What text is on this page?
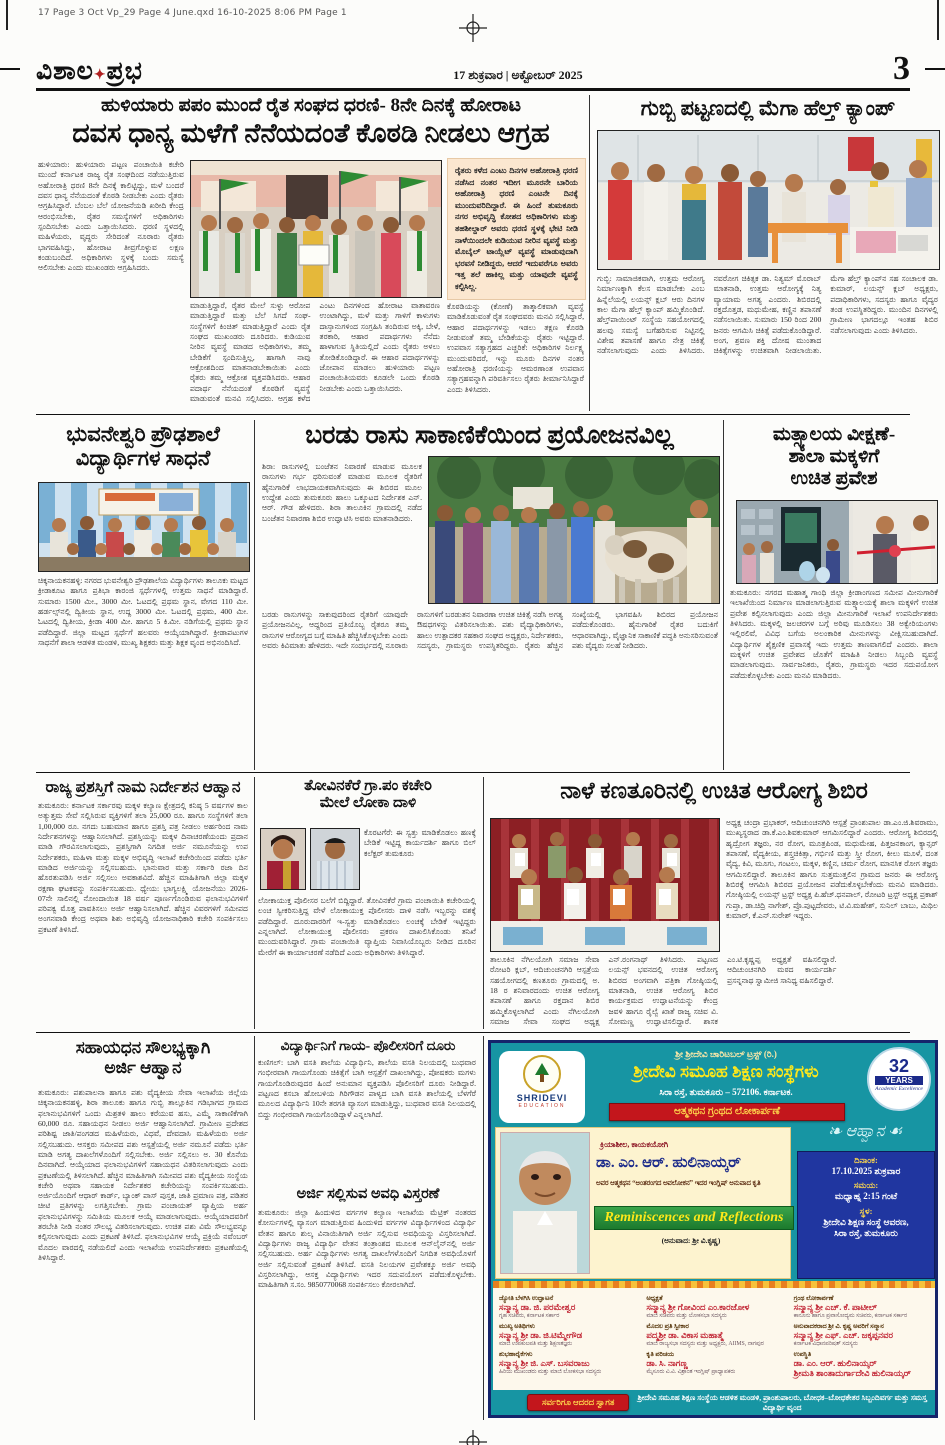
17 Page 3 Oct Vp_29 Page 4 June.qxd 16-10-2025 8:06 PM Page 1
ವಿಶಾಲ✦ಪ್ರಭ	17 ಶುಕ್ರವಾರ | ಅಕ್ಟೋಬರ್ 2025	3
ಹುಳಿಯಾರು ಪಪಂ ಮುಂದೆ ರೈತ ಸಂಘದ ಧರಣಿ- 8ನೇ ದಿನಕ್ಕೆ ಹೋರಾಟ
ದವಸ ಧಾನ್ಯ ಮಳೆಗೆ ನೆನೆಯದಂತೆ ಕೊಠಡಿ ನೀಡಲು ಆಗ್ರಹ
ಹುಳಿಯಾರು: ಹುಳಿಯಾರು ಪಟ್ಟಣ ಪಂಚಾಯಿತಿ ಕಚೇರಿ ಮುಂದೆ ಕರ್ನಾಟಕ ರಾಜ್ಯ ರೈತ ಸಂಘದಿಂದ ನಡೆಯುತ್ತಿರುವ ಅಹೋರಾತ್ರಿ ಧರಣಿ 8ನೇ ದಿನಕ್ಕೆ ಕಾಲಿಟ್ಟಿದ್ದು, ಮಳೆ ಬಂದರೆ ದವಸ ಧಾನ್ಯ ನೆನೆಯದಂತೆ ಕೊಠಡಿ ನೀಡಬೇಕು ಎಂದು ರೈತರು ಆಗ್ರಹಿಸಿದ್ದಾರೆ. ಬೆಂಬಲ ಬೆಲೆ ಯೋಜನೆಯಡಿ ಖರೀದಿ ಕೇಂದ್ರ ಆರಂಭಿಸಬೇಕು, ರೈತರ ಸಮಸ್ಯೆಗಳಿಗೆ ಅಧಿಕಾರಿಗಳು ಸ್ಪಂದಿಸಬೇಕು ಎಂದು ಒತ್ತಾಯಿಸಿದರು. ಧರಣಿ ಸ್ಥಳದಲ್ಲಿ ಮಹಿಳೆಯರು, ವೃದ್ಧರು ಸೇರಿದಂತೆ ನೂರಾರು ರೈತರು ಭಾಗವಹಿಸಿದ್ದು, ಹೋರಾಟ ತೀವ್ರಗೊಳ್ಳುವ ಲಕ್ಷಣ ಕಂಡುಬಂದಿದೆ. ಅಧಿಕಾರಿಗಳು ಸ್ಥಳಕ್ಕೆ ಬಂದು ಸಮಸ್ಯೆ ಆಲಿಸಬೇಕು ಎಂದು ಮುಖಂಡರು ಆಗ್ರಹಿಸಿದರು.
ಮಾಡುತ್ತಿದ್ದಾರೆ, ರೈತರ ಮೇಲೆ ಸುಳ್ಳು ಆರೋಪ ಮಾಡುತ್ತಿದ್ದಾರೆ ಮತ್ತು ಬೆಲೆ ಸಿಗದೆ ಸಂಘ- ಸಂಸ್ಥೆಗಳಿಗೆ ಕಿಂಚಿತ್ ಮಾಡುತ್ತಿದ್ದಾರೆ ಎಂದು ರೈತ ಸಂಘದ ಮುಖಂಡರು ದೂರಿದರು. ಕುಡಿಯುವ ನೀರಿನ ವ್ಯವಸ್ಥೆ ಮಾಡದ ಅಧಿಕಾರಿಗಳು, ತಮ್ಮ ಬೇಡಿಕೆಗೆ ಸ್ಪಂದಿಸುತ್ತಿಲ್ಲ, ಹಾಗಾಗಿ ನಾವು ಆಕ್ರೋಶದಿಂದ ಮಾತನಾಡಬೇಕಾಯಿತು ಎಂದು ರೈತರು ತಮ್ಮ ಆಕ್ರೋಶ ವ್ಯಕ್ತಪಡಿಸಿದರು. ಆಹಾರ ಪದಾರ್ಥ ನೆನೆಯದಂತೆ ಕೊಠಡಿಗೆ ವ್ಯವಸ್ಥೆ ಮಾಡುವಂತೆ ಮನವಿ ಸಲ್ಲಿಸಿದರು. ಆಗ್ರಹ ಕಳೆದ ಎಂಟು ದಿನಗಳಿಂದ ಹೋರಾಟ ವಾತಾವರಣ ಉಂಟಾಗಿದ್ದು, ಮಳೆ ಮತ್ತು ಗಾಳಿಗೆ ಕಾಳುಗಳು ದಾಸ್ತಾನುಗಳಿಂದ ಸಂಗ್ರಹಿಸಿ ತಂದಿರುವ ಅಕ್ಕಿ, ಬೇಳೆ, ತರಕಾರಿ, ಆಹಾರ ಪದಾರ್ಥಗಳು ನೆನೆದು ಹಾಳಾಗುವ ಸ್ಥಿತಿಯಲ್ಲಿದೆ ಎಂದು ರೈತರು ಅಳಲು ತೋಡಿಕೊಂಡಿದ್ದಾರೆ. ಈ ಆಹಾರ ಪದಾರ್ಥಗಳನ್ನು ಜೋಪಾನ ಮಾಡಲು ಹುಳಿಯಾರು ಪಟ್ಟಣ ಪಂಚಾಯಿತಿಯವರು ಕೂಡಲೇ ಒಂದು ಕೊಠಡಿ ನೀಡಬೇಕು ಎಂದು ಒತ್ತಾಯಿಸಿದರು.
ರೈತರು ಕಳೆದ ಎಂಟು ದಿನಗಳ ಅಹೋರಾತ್ರಿ ಧರಣಿ ನಡೆಸಿದ ನಂತರ ಇದೀಗ ಮೂರನೇ ಬಾರಿಯ ಅಹೋರಾತ್ರಿ ಧರಣಿ ಎಂಟನೇ ದಿನಕ್ಕೆ ಮುಂದುವರಿದಿದ್ದಾರೆ. ಈ ಹಿಂದೆ ತುಮಕೂರು ನಗರ ಅಭಿವೃದ್ಧಿ ಕೋಶದ ಅಧಿಕಾರಿಗಳು ಮತ್ತು ತಹಶೀಲ್ದಾರ್ ಅವರು ಧರಣಿ ಸ್ಥಳಕ್ಕೆ ಭೇಟಿ ನೀಡಿ ನಾಳೆಯಿಂದಲೇ ಕುಡಿಯುವ ನೀರಿನ ವ್ಯವಸ್ಥೆ ಮತ್ತು ಮೊಬೈಲ್ ಟಾಯ್ಲೆಟ್ ವ್ಯವಸ್ಥೆ ಮಾಡುವುದಾಗಿ ಭರವಸೆ ನೀಡಿದ್ದರು, ಆದರೆ ಇದುವರೆಗೂ ಅವರು ಇತ್ತ ತಲೆ ಹಾಕಿಲ್ಲ ಮತ್ತು ಯಾವುದೇ ವ್ಯವಸ್ಥೆ ಕಲ್ಪಿಸಿಲ್ಲ.
ಕೊಠಡಿಯನ್ನು (ಕೋಣೆ) ತಾತ್ಕಾಲಿಕವಾಗಿ ವ್ಯವಸ್ಥೆ ಮಾಡಿಕೊಡುವಂತೆ ರೈತ ಸಂಘದವರು ಮನವಿ ಸಲ್ಲಿಸಿದ್ದಾರೆ, ಆಹಾರ ಪದಾರ್ಥಗಳನ್ನು ಇಡಲು ತಕ್ಷಣ ಕೊಠಡಿ ನೀಡುವಂತೆ ತಮ್ಮ ಬೇಡಿಕೆಯನ್ನು ರೈತರು ಇಟ್ಟಿದ್ದಾರೆ. ಉಪವಾಸ ಸತ್ಯಾಗ್ರಹದ ಎಚ್ಚರಿಕೆ: ಅಧಿಕಾರಿಗಳ ನಿರ್ಲಕ್ಷ್ಯ ಮುಂದುವರಿದರೆ, ಇನ್ನು ಮೂರು ದಿನಗಳ ನಂತರ ಅಹೋರಾತ್ರಿ ಧರಣಿಯನ್ನು ಆಮರಣಾಂತ ಉಪವಾಸ ಸತ್ಯಾಗ್ರಹವನ್ನಾಗಿ ಪರಿವರ್ತಿಸಲು ರೈತರು ತೀರ್ಮಾನಿಸಿದ್ದಾರೆ ಎಂದು ತಿಳಿಸಿದರು.
ಗುಬ್ಬಿ ಪಟ್ಟಣದಲ್ಲಿ ಮೆಗಾ ಹೆಲ್ತ್ ಕ್ಯಾಂಪ್
ಗುಬ್ಬಿ: ಸಾಮಾಜಿಕವಾಗಿ, ಉತ್ತಮ ಆರೋಗ್ಯ ನಿರ್ಮಾಣಕ್ಕಾಗಿ ಕೆಲಸ ಮಾಡಬೇಕು ಎಂಬ ಹಿನ್ನೆಲೆಯಲ್ಲಿ ಲಯನ್ಸ್ ಕ್ಲಬ್ ಆರು ದಿನಗಳ ಕಾಲ ಮೆಗಾ ಹೆಲ್ತ್ ಕ್ಯಾಂಪ್ ಹಮ್ಮಿಕೊಂಡಿದೆ. ಹೆಲ್ತ್‌ಪಾಯಿಂಟ್ ಸಂಸ್ಥೆಯ ಸಹಯೋಗದಲ್ಲಿ ಹಲವು ಸಮಸ್ಯೆ ಬಗೆಹರಿಸುವ ನಿಟ್ಟಿನಲ್ಲಿ ವಿಶೇಷ ತಪಾಸಣೆ ಹಾಗೂ ನೇತ್ರ ಚಿಕಿತ್ಸೆ ನಡೆಸಲಾಗುವುದು ಎಂದು ತಿಳಿಸಿದರು. ನವರೋಗ ಚಿಕಿತ್ಸಕ ಡಾ. ನಿತ್ಯಮ್ ಮೊರಾಬ್ ಮಾತನಾಡಿ, ಉತ್ತಮ ಆರೋಗ್ಯಕ್ಕೆ ನಿತ್ಯ ವ್ಯಾಯಾಮ ಅಗತ್ಯ ಎಂದರು. ಶಿಬಿರದಲ್ಲಿ ರಕ್ತದೊತ್ತಡ, ಮಧುಮೇಹ, ಕಣ್ಣಿನ ತಪಾಸಣೆ ನಡೆಸಲಾಯಿತು. ಸುಮಾರು 150 ರಿಂದ 200 ಜನರು ಆಗಮಿಸಿ ಚಿಕಿತ್ಸೆ ಪಡೆದುಕೊಂಡಿದ್ದಾರೆ. ಅಂಗ, ಶ್ರವಣ ಶಕ್ತಿ ದೋಷ ಮುಂತಾದ ಚಿಕಿತ್ಸೆಗಳನ್ನು ಉಚಿತವಾಗಿ ನೀಡಲಾಯಿತು. ಮೆಗಾ ಹೆಲ್ತ್ ಕ್ಯಾಂಪ್‌ನ ಸಹ ಸಂಚಾಲಕ ಡಾ. ಕುಮಾರ್, ಲಯನ್ಸ್ ಕ್ಲಬ್ ಅಧ್ಯಕ್ಷರು, ಪದಾಧಿಕಾರಿಗಳು, ಸದಸ್ಯರು ಹಾಗೂ ವೈದ್ಯರ ತಂಡ ಉಪಸ್ಥಿತರಿದ್ದರು. ಮುಂದಿನ ದಿನಗಳಲ್ಲಿ ಗ್ರಾಮೀಣ ಭಾಗದಲ್ಲೂ ಇಂತಹ ಶಿಬಿರ ನಡೆಸಲಾಗುವುದು ಎಂದು ತಿಳಿಸಿದರು.
ಭುವನೇಶ್ವರಿ ಪ್ರೌಢಶಾಲೆ
ವಿದ್ಯಾರ್ಥಿಗಳ ಸಾಧನೆ
ಚಿಕ್ಕನಾಯಕನಹಳ್ಳಿ: ನಗರದ ಭುವನೇಶ್ವರಿ ಪ್ರೌಢಶಾಲೆಯ ವಿದ್ಯಾರ್ಥಿಗಳು ತಾಲೂಕು ಮಟ್ಟದ ಕ್ರೀಡಾಕೂಟ ಹಾಗೂ ಪ್ರತಿಭಾ ಕಾರಂಜಿ ಸ್ಪರ್ಧೆಗಳಲ್ಲಿ ಉತ್ತಮ ಸಾಧನೆ ಮಾಡಿದ್ದಾರೆ. ಸುಮಾರು 1500 ಮೀ., 3000 ಮೀ. ಓಟದಲ್ಲಿ ಪ್ರಥಮ ಸ್ಥಾನ, ವೇಗದ 110 ಮೀ. ಹರ್ಡಲ್ಸ್‌ನಲ್ಲಿ ದ್ವಿತೀಯ ಸ್ಥಾನ, ಉದ್ದ 3000 ಮೀ. ಓಟದಲ್ಲಿ ಪ್ರಥಮ, 400 ಮೀ. ಓಟದಲ್ಲಿ ದ್ವಿತೀಯ, ಕ್ರೀಡಾ 400 ಮೀ. ಹಾಗೂ 5 ಕಿ.ಮೀ. ನಡಿಗೆಯಲ್ಲಿ ಪ್ರಥಮ ಸ್ಥಾನ ಪಡೆದಿದ್ದಾರೆ. ಜಿಲ್ಲಾ ಮಟ್ಟದ ಸ್ಪರ್ಧೆಗೆ ಹಲವರು ಆಯ್ಕೆಯಾಗಿದ್ದಾರೆ. ಕ್ರೀಡಾಪಟುಗಳ ಸಾಧನೆಗೆ ಶಾಲಾ ಆಡಳಿತ ಮಂಡಳಿ, ಮುಖ್ಯ ಶಿಕ್ಷಕರು ಮತ್ತು ಶಿಕ್ಷಕ ವೃಂದ ಅಭಿನಂದಿಸಿದೆ.
ಬರಡು ರಾಸು ಸಾಕಾಣಿಕೆಯಿಂದ ಪ್ರಯೋಜನವಿಲ್ಲ
ಶಿರಾ: ರಾಸುಗಳಲ್ಲಿ ಬಂಜೆತನ ನಿವಾರಣೆ ಮಾಡುವ ಮೂಲಕ ರಾಸುಗಳು ಗರ್ಭ ಧರಿಸುವಂತೆ ಮಾಡುವ ಮೂಲಕ ರೈತರಿಗೆ ಹೈನುಗಾರಿಕೆ ಲಾಭದಾಯಕವಾಗಿಸುವುದು ಈ ಶಿಬಿರದ ಮೂಲ ಉದ್ದೇಶ ಎಂದು ತುಮಕೂರು ಹಾಲು ಒಕ್ಕೂಟದ ನಿರ್ದೇಶಕ ಎನ್. ಆರ್. ಗೌಡ ಹೇಳಿದರು. ಶಿರಾ ತಾಲೂಕಿನ ಗ್ರಾಮದಲ್ಲಿ ನಡೆದ ಬಂಜೆತನ ನಿವಾರಣಾ ಶಿಬಿರ ಉದ್ಘಾಟಿಸಿ ಅವರು ಮಾತನಾಡಿದರು.
ಬರಡು ರಾಸುಗಳನ್ನು ಸಾಕುವುದರಿಂದ ರೈತರಿಗೆ ಯಾವುದೇ ಪ್ರಯೋಜನವಿಲ್ಲ, ಆದ್ದರಿಂದ ಪ್ರತಿಯೊಬ್ಬ ರೈತರೂ ತಮ್ಮ ರಾಸುಗಳ ಆರೋಗ್ಯದ ಬಗ್ಗೆ ಮಾಹಿತಿ ಹೆಚ್ಚಿಸಿಕೊಳ್ಳಬೇಕು ಎಂದು ಅವರು ಕಿವಿಮಾತು ಹೇಳಿದರು. ಇದೇ ಸಂದರ್ಭದಲ್ಲಿ ನೂರಾರು ರಾಸುಗಳಿಗೆ ಬರಡುತನ ನಿವಾರಣಾ ಉಚಿತ ಚಿಕಿತ್ಸೆ ನಡೆಸಿ ಅಗತ್ಯ ಔಷಧಗಳನ್ನು ವಿತರಿಸಲಾಯಿತು. ಪಶು ವೈದ್ಯಾಧಿಕಾರಿಗಳು, ಹಾಲು ಉತ್ಪಾದಕರ ಸಹಕಾರ ಸಂಘದ ಅಧ್ಯಕ್ಷರು, ನಿರ್ದೇಶಕರು, ಸದಸ್ಯರು, ಗ್ರಾಮಸ್ಥರು ಉಪಸ್ಥಿತರಿದ್ದರು. ರೈತರು ಹೆಚ್ಚಿನ ಸಂಖ್ಯೆಯಲ್ಲಿ ಭಾಗವಹಿಸಿ ಶಿಬಿರದ ಪ್ರಯೋಜನ ಪಡೆದುಕೊಂಡರು. ಹೈನುಗಾರಿಕೆ ರೈತರ ಬದುಕಿಗೆ ಆಧಾರವಾಗಿದ್ದು, ವೈಜ್ಞಾನಿಕ ಸಾಕಾಣಿಕೆ ಪದ್ಧತಿ ಅನುಸರಿಸುವಂತೆ ಪಶು ವೈದ್ಯರು ಸಲಹೆ ನೀಡಿದರು.
ಮತ್ಸ್ಯಾಲಯ ವೀಕ್ಷಣೆ-
ಶಾಲಾ ಮಕ್ಕಳಿಗೆ
ಉಚಿತ ಪ್ರವೇಶ
ತುಮಕೂರು: ನಗರದ ಮಹಾತ್ಮ ಗಾಂಧಿ ಜಿಲ್ಲಾ ಕ್ರೀಡಾಂಗಣದ ಸಮೀಪ ಮೀನುಗಾರಿಕೆ ಇಲಾಖೆಯಿಂದ ನಿರ್ಮಾಣ ಮಾಡಲಾಗುತ್ತಿರುವ ಮತ್ಸ್ಯಾಲಯಕ್ಕೆ ಶಾಲಾ ಮಕ್ಕಳಿಗೆ ಉಚಿತ ಪ್ರವೇಶ ಕಲ್ಪಿಸಲಾಗುವುದು ಎಂದು ಜಿಲ್ಲಾ ಮೀನುಗಾರಿಕೆ ಇಲಾಖೆ ಉಪನಿರ್ದೇಶಕರು ತಿಳಿಸಿದರು. ಮಕ್ಕಳಲ್ಲಿ ಜಲಚರಗಳ ಬಗ್ಗೆ ಅರಿವು ಮೂಡಿಸಲು 38 ಅಕ್ವೇರಿಯಂಗಳು ಇಲ್ಲಿರಲಿವೆ, ವಿವಿಧ ಬಗೆಯ ಅಲಂಕಾರಿಕ ಮೀನುಗಳನ್ನು ವೀಕ್ಷಿಸಬಹುದಾಗಿದೆ. ವಿದ್ಯಾರ್ಥಿಗಳ ಶೈಕ್ಷಣಿಕ ಪ್ರವಾಸಕ್ಕೆ ಇದು ಉತ್ತಮ ತಾಣವಾಗಲಿದೆ ಎಂದರು. ಶಾಲಾ ಮಕ್ಕಳಿಗೆ ಉಚಿತ ಪ್ರವೇಶದ ಜೊತೆಗೆ ಮಾಹಿತಿ ನೀಡಲು ಸಿಬ್ಬಂದಿ ವ್ಯವಸ್ಥೆ ಮಾಡಲಾಗುವುದು. ಸಾರ್ವಜನಿಕರು, ರೈತರು, ಗ್ರಾಮಸ್ಥರು ಇದರ ಸದುಪಯೋಗ ಪಡೆದುಕೊಳ್ಳಬೇಕು ಎಂದು ಮನವಿ ಮಾಡಿದರು.
ರಾಜ್ಯ ಪ್ರಶಸ್ತಿಗೆ ನಾಮ ನಿರ್ದೇಶನ ಆಹ್ವಾನ
ತುಮಕೂರು: ಕರ್ನಾಟಕ ಸರ್ಕಾರವು ಮಕ್ಕಳ ಕಲ್ಯಾಣ ಕ್ಷೇತ್ರದಲ್ಲಿ ಕನಿಷ್ಠ 5 ವರ್ಷಗಳ ಕಾಲ ಅತ್ಯುತ್ತಮ ಸೇವೆ ಸಲ್ಲಿಸಿರುವ ವ್ಯಕ್ತಿಗಳಿಗೆ ತಲಾ 25,000 ರೂ. ಹಾಗೂ ಸಂಸ್ಥೆಗಳಿಗೆ ತಲಾ 1,00,000 ರೂ. ನಗದು ಬಹುಮಾನ ಹಾಗೂ ಪ್ರಶಸ್ತಿ ಪತ್ರ ನೀಡಲು ಅರ್ಹರಿಂದ ನಾಮ ನಿರ್ದೇಶನಗಳನ್ನು ಆಹ್ವಾನಿಸಲಾಗಿದೆ. ಪ್ರಶಸ್ತಿಯನ್ನು ಮಕ್ಕಳ ದಿನಾಚರಣೆಯಂದು ಪ್ರದಾನ ಮಾಡಿ ಗೌರವಿಸಲಾಗುವುದು, ಪ್ರಶಸ್ತಿಗಾಗಿ ನಿಗದಿತ ಅರ್ಜಿ ನಮೂನೆಯನ್ನು ಉಪ ನಿರ್ದೇಶಕರು, ಮಹಿಳಾ ಮತ್ತು ಮಕ್ಕಳ ಅಭಿವೃದ್ಧಿ ಇಲಾಖೆ ಕಚೇರಿಯಿಂದ ಪಡೆದು ಭರ್ತಿ ಮಾಡಿದ ಅರ್ಜಿಯನ್ನು ಸಲ್ಲಿಸಬಹುದು. ಭಾನುವಾರ ಮತ್ತು ಸರ್ಕಾರಿ ರಜಾ ದಿನ ಹೊರತುಪಡಿಸಿ ಅರ್ಜಿ ಸಲ್ಲಿಸಲು ಅವಕಾಶವಿದೆ. ಹೆಚ್ಚಿನ ಮಾಹಿತಿಗಾಗಿ ಜಿಲ್ಲಾ ಮಕ್ಕಳ ರಕ್ಷಣಾ ಘಟಕವನ್ನು ಸಂಪರ್ಕಿಸಬಹುದು. ಧ್ಯೇಯ: ಭಾಗ್ಯಲಕ್ಷ್ಮಿ ಯೋಜನೆಯು 2026-07ನೇ ಸಾಲಿನಲ್ಲಿ ನೋಂದಾಯಿತ 18 ವರ್ಷ ಪೂರ್ಣಗೊಂಡಿರುವ ಫಲಾನುಭವಿಗಳಿಗೆ ಪರಿಪಕ್ವ ಮೊತ್ತ ಪಾವತಿಸಲು ಅರ್ಜಿ ಆಹ್ವಾನಿಸಲಾಗಿದೆ. ಹೆಚ್ಚಿನ ವಿವರಗಳಿಗೆ ಸಮೀಪದ ಅಂಗನವಾಡಿ ಕೇಂದ್ರ ಅಥವಾ ಶಿಶು ಅಭಿವೃದ್ಧಿ ಯೋಜನಾಧಿಕಾರಿ ಕಚೇರಿ ಸಂಪರ್ಕಿಸಲು ಪ್ರಕಟಣೆ ತಿಳಿಸಿದೆ.
ತೋವಿನಕೆರೆ ಗ್ರಾ.ಪಂ ಕಚೇರಿ
ಮೇಲೆ ಲೋಕಾ ದಾಳಿ
ಕೊರಟಗೆರೆ: ಈ ಸ್ವತ್ತು ಮಾಡಿಕೊಡಲು ಹಣಕ್ಕೆ ಬೇಡಿಕೆ ಇಟ್ಟಿದ್ದ ಕಾರ್ಯದರ್ಶಿ ಹಾಗೂ ಬಿಲ್ ಕಲೆಕ್ಟರ್ ತುಮಕೂರು
ಲೋಕಾಯುಕ್ತ ಪೊಲೀಸರ ಬಲೆಗೆ ಬಿದ್ದಿದ್ದಾರೆ. ತೋವಿನಕೆರೆ ಗ್ರಾಮ ಪಂಚಾಯಿತಿ ಕಚೇರಿಯಲ್ಲಿ ಲಂಚ ಸ್ವೀಕರಿಸುತ್ತಿದ್ದ ವೇಳೆ ಲೋಕಾಯುಕ್ತ ಪೊಲೀಸರು ದಾಳಿ ನಡೆಸಿ ಇಬ್ಬರನ್ನು ವಶಕ್ಕೆ ಪಡೆದಿದ್ದಾರೆ. ದೂರುದಾರರಿಗೆ ಇ-ಸ್ವತ್ತು ಮಾಡಿಕೊಡಲು ಲಂಚಕ್ಕೆ ಬೇಡಿಕೆ ಇಟ್ಟಿದ್ದರು ಎನ್ನಲಾಗಿದೆ. ಲೋಕಾಯುಕ್ತ ಪೊಲೀಸರು ಪ್ರಕರಣ ದಾಖಲಿಸಿಕೊಂಡು ತನಿಖೆ ಮುಂದುವರಿಸಿದ್ದಾರೆ. ಗ್ರಾಮ ಪಂಚಾಯಿತಿ ವ್ಯಾಪ್ತಿಯ ನಿವಾಸಿಯೊಬ್ಬರು ನೀಡಿದ ದೂರಿನ ಮೇರೆಗೆ ಈ ಕಾರ್ಯಾಚರಣೆ ನಡೆದಿದೆ ಎಂದು ಅಧಿಕಾರಿಗಳು ತಿಳಿಸಿದ್ದಾರೆ.
ನಾಳೆ ಕಣತೂರಿನಲ್ಲಿ ಉಚಿತ ಆರೋಗ್ಯ ಶಿಬಿರ
ತಾಲೂಕಿನ ನೆಗಿಲಯೋಗಿ ಸಮಾಜ ಸೇವಾ ರೋಟರಿ ಕ್ಲಬ್, ಆದಿಚುಂಚನಗಿರಿ ಆಸ್ಪತ್ರೆಯ ಸಹಯೋಗದಲ್ಲಿ ಕಣತೂರು ಗ್ರಾಮದಲ್ಲಿ ಅ. 18 ರ ಶನಿವಾರದಂದು ಉಚಿತ ಆರೋಗ್ಯ ತಪಾಸಣೆ ಹಾಗೂ ರಕ್ತದಾನ ಶಿಬಿರ ಹಮ್ಮಿಕೊಳ್ಳಲಾಗಿದೆ ಎಂದು ನೆಗಿಲಯೋಗಿ ಸಮಾಜ ಸೇವಾ ಸಂಘದ ಅಧ್ಯಕ್ಷ ಎನ್.ರಂಗನಾಥ್ ತಿಳಿಸಿದರು. ಪಟ್ಟಣದ ಲಯನ್ಸ್ ಭವನದಲ್ಲಿ ಉಚಿತ ಆರೋಗ್ಯ ಶಿಬಿರದ ಅಂಗವಾಗಿ ಪತ್ರಿಕಾ ಗೋಷ್ಠಿಯಲ್ಲಿ ಮಾತನಾಡಿ, ಉಚಿತ ಆರೋಗ್ಯ ಶಿಬಿರ ಕಾರ್ಯಕ್ರಮದ ಉದ್ಘಾಟನೆಯನ್ನು ಕೇಂದ್ರ ಜವಳಿ ಹಾಗೂ ರೈಲ್ವೆ ಖಾತೆ ರಾಜ್ಯ ಸಚಿವ ವಿ. ಸೋಮಣ್ಣ ಉದ್ಘಾಟಿಸಲಿದ್ದಾರೆ. ಶಾಸಕ ಎಂ.ಟಿ.ಕೃಷ್ಣಪ್ಪ ಅಧ್ಯಕ್ಷತೆ ವಹಿಸಲಿದ್ದಾರೆ. ಆದಿಚುಂಚನಗಿರಿ ಮಠದ ಕಾರ್ಯದರ್ಶಿ ಪ್ರಸನ್ನನಾಥ ಸ್ವಾಮೀಜಿ ಸಾನಿಧ್ಯ ವಹಿಸಲಿದ್ದಾರೆ.
ಅಧ್ಯಕ್ಷ ಚಂದ್ರಾ ಪ್ರಭಾಕರ್, ಆದಿಚುಂಚನಗಿರಿ ಆಸ್ಪತ್ರೆ ಪ್ರಾಂಶುಪಾಲ ಡಾ.ಎಂ.ಜಿ.ಶಿವರಾಮು, ಮುಖ್ಯಸ್ಥರಾದ ಡಾ.ಕೆ.ಎಂ.ಶಿವಕುಮಾರ್ ಆಗಮಿಸಲಿದ್ದಾರೆ ಎಂದರು. ಆರೋಗ್ಯ ಶಿಬಿರದಲ್ಲಿ ಹೃದ್ರೋಗ ತಜ್ಞರು, ನರ ರೋಗ, ಮೂತ್ರಪಿಂಡ, ಮಧುಮೇಹ, ಪಿತ್ತಜನಕಾಂಗ, ಕ್ಯಾನ್ಸರ್ ತಪಾಸಣೆ, ವೈದ್ಯಕೀಯ, ಶಸ್ತ್ರಚಿಕಿತ್ಸಾ, ಗರ್ಭಿಣಿ ಮತ್ತು ಸ್ತ್ರೀ ರೋಗ, ಕೀಲು ಮೂಳೆ, ದಂತ ವೈದ್ಯ, ಕಿವಿ, ಮೂಗು, ಗಂಟಲು, ಮಕ್ಕಳ, ಕಣ್ಣಿನ, ಚರ್ಮ ರೋಗ, ಮಾನಸಿಕ ರೋಗ ತಜ್ಞರು ಆಗಮಿಸಲಿದ್ದಾರೆ. ತಾಲೂಕಿನ ಹಾಗೂ ಸುತ್ತಮುತ್ತಲಿನ ಗ್ರಾಮದ ಜನರು ಈ ಆರೋಗ್ಯ ಶಿಬಿರಕ್ಕೆ ಆಗಮಿಸಿ ಶಿಬಿರದ ಪ್ರಯೋಜನ ಪಡೆದುಕೊಳ್ಳಬೇಕೆಂದು ಮನವಿ ಮಾಡಿದರು. ಗೋಷ್ಠಿಯಲ್ಲಿ ಲಯನ್ಸ್ ಟ್ರಸ್ಟ್ ಅಧ್ಯಕ್ಷ ಪಿ.ಹೆಚ್.ಧನಪಾಲ್, ರೋಟರಿ ಟ್ರಸ್ಟ್ ಅಧ್ಯಕ್ಷ ಪ್ರಕಾಶ್ ಗುಪ್ತಾ, ಡಾ.ಚಿದ್ರಿ ನಾಗೇಶ್, ಪ್ರೊ.ಪುಟ್ಟದೇವರು, ಟಿ.ವಿ.ಮಹೇಶ್, ಸುನಿಲ್ ಬಾಬು, ಮಿಥಿಲ ಕುಮಾರ್, ಕೆ.ಎನ್.ಸುರೇಶ್ ಇದ್ದರು.
ಸಹಾಯಧನ ಸೌಲಭ್ಯಕ್ಕಾಗಿ
ಅರ್ಜಿ ಆಹ್ವಾನ
ತುಮಕೂರು: ಪಶುಪಾಲನಾ ಹಾಗೂ ಪಶು ವೈದ್ಯಕೀಯ ಸೇವಾ ಇಲಾಖೆಯ ಜಿಲ್ಲೆಯ ಚಿಕ್ಕನಾಯಕನಹಳ್ಳಿ, ಶಿರಾ ತಾಲೂಕು ಹಾಗೂ ಗುಬ್ಬಿ ತಾಲ್ಲೂಕಿನ ಗಡಿಭಾಗದ ಗ್ರಾಮದ ಫಲಾನುಭವಿಗಳಿಗೆ ಒಂದು ಮಿಶ್ರತಳಿ ಹಾಲು ಕರೆಯುವ ಹಸು, ಎಮ್ಮೆ ಸಾಕಾಣಿಕೆಗಾಗಿ 60,000 ರೂ. ಸಹಾಯಧನ ನೀಡಲು ಅರ್ಜಿ ಆಹ್ವಾನಿಸಲಾಗಿದೆ. ಗ್ರಾಮೀಣ ಪ್ರದೇಶದ ಪರಿಶಿಷ್ಟ ಜಾತಿ/ಪಂಗಡದ ಮಹಿಳೆಯರು, ವಿಧವೆ, ದೇವದಾಸಿ ಮಹಿಳೆಯರು ಅರ್ಜಿ ಸಲ್ಲಿಸಬಹುದು. ಆಸಕ್ತರು ಸಮೀಪದ ಪಶು ಆಸ್ಪತ್ರೆಯಲ್ಲಿ ಅರ್ಜಿ ನಮೂನೆ ಪಡೆದು ಭರ್ತಿ ಮಾಡಿ ಅಗತ್ಯ ದಾಖಲೆಗಳೊಂದಿಗೆ ಸಲ್ಲಿಸಬೇಕು. ಅರ್ಜಿ ಸಲ್ಲಿಸಲು ಅ. 30 ಕೊನೆಯ ದಿನವಾಗಿದೆ. ಆಯ್ಕೆಯಾದ ಫಲಾನುಭವಿಗಳಿಗೆ ಸಹಾಯಧನ ವಿತರಿಸಲಾಗುವುದು ಎಂದು ಪ್ರಕಟಣೆಯಲ್ಲಿ ತಿಳಿಸಲಾಗಿದೆ. ಹೆಚ್ಚಿನ ಮಾಹಿತಿಗಾಗಿ ಸಮೀಪದ ಪಶು ವೈದ್ಯಕೀಯ ಸಂಸ್ಥೆಯ ಕಚೇರಿ ಅಥವಾ ಸಹಾಯಕ ನಿರ್ದೇಶಕರ ಕಚೇರಿಯನ್ನು ಸಂಪರ್ಕಿಸಬಹುದು. ಅರ್ಜಿಯೊಂದಿಗೆ ಆಧಾರ್ ಕಾರ್ಡ್, ಬ್ಯಾಂಕ್ ಪಾಸ್ ಪುಸ್ತಕ, ಜಾತಿ ಪ್ರಮಾಣ ಪತ್ರ, ಪಡಿತರ ಚೀಟಿ ಪ್ರತಿಗಳನ್ನು ಲಗತ್ತಿಸಬೇಕು. ಗ್ರಾಮ ಪಂಚಾಯತ್ ವ್ಯಾಪ್ತಿಯ ಅರ್ಹ ಫಲಾನುಭವಿಗಳನ್ನು ಸಮಿತಿಯ ಮೂಲಕ ಆಯ್ಕೆ ಮಾಡಲಾಗುವುದು. ಆಯ್ಕೆಯಾದವರಿಗೆ ತರಬೇತಿ ನೀಡಿ ನಂತರ ಸೌಲಭ್ಯ ವಿತರಿಸಲಾಗುವುದು. ಉಚಿತ ಪಶು ವಿಮೆ ಸೌಲಭ್ಯವನ್ನೂ ಕಲ್ಪಿಸಲಾಗುವುದು ಎಂದು ಪ್ರಕಟಣೆ ತಿಳಿಸಿದೆ. ಫಲಾನುಭವಿಗಳ ಆಯ್ಕೆ ಪ್ರಕ್ರಿಯೆ ನವೆಂಬರ್ ಮೊದಲ ವಾರದಲ್ಲಿ ನಡೆಯಲಿದೆ ಎಂದು ಇಲಾಖೆಯ ಉಪನಿರ್ದೇಶಕರು ಪ್ರಕಟಣೆಯಲ್ಲಿ ತಿಳಿಸಿದ್ದಾರೆ.
ವಿದ್ಯಾರ್ಥಿನಿಗೆ ಗಾಯ- ಪೊಲೀಸರಿಗೆ ದೂರು
ಕುಣಿಗಲ್: ಬಾಗಿ ವಸತಿ ಶಾಲೆಯ ವಿದ್ಯಾರ್ಥಿನಿ, ಶಾಲೆಯ ವಸತಿ ನಿಲಯದಲ್ಲಿ ಬುಧವಾರ ಗಂಭೀರವಾಗಿ ಗಾಯಗೊಂಡು ಚಿಕಿತ್ಸೆಗೆ ಬಾಗಿ ಆಸ್ಪತ್ರೆಗೆ ದಾಖಲಾಗಿದ್ದು, ಪೋಷಕರು ಮಗಳು ಗಾಯಗೊಂಡಿರುವುದರ ಹಿಂದೆ ಅನುಮಾನ ವ್ಯಕ್ತಪಡಿಸಿ ಪೊಲೀಸರಿಗೆ ದೂರು ನೀಡಿದ್ದಾರೆ. ಪಟ್ಟಣದ ಕಸಬಾ ಹೋಬಳಿಯ ಗಿರಿಗೌಡನ ಪಾಳ್ಯದ ಬಾಗಿ ವಸತಿ ಶಾಲೆಯಲ್ಲಿ ಬೆಳಗೆರೆ ಮೂಲದ ವಿದ್ಯಾರ್ಥಿನಿ 10ನೇ ತರಗತಿ ವ್ಯಾಸಂಗ ಮಾಡುತ್ತಿದ್ದು, ಬುಧವಾರ ವಸತಿ ನಿಲಯದಲ್ಲಿ ಬಿದ್ದು ಗಂಭೀರವಾಗಿ ಗಾಯಗೊಂಡಿದ್ದಾಳೆ ಎನ್ನಲಾಗಿದೆ.
ಅರ್ಜಿ ಸಲ್ಲಿಸುವ ಅವಧಿ ವಿಸ್ತರಣೆ
ತುಮಕೂರು: ಜಿಲ್ಲಾ ಹಿಂದುಳಿದ ವರ್ಗಗಳ ಕಲ್ಯಾಣ ಇಲಾಖೆಯ ಮೆಟ್ರಿಕ್ ನಂತರದ ಕೋರ್ಸುಗಳಲ್ಲಿ ವ್ಯಾಸಂಗ ಮಾಡುತ್ತಿರುವ ಹಿಂದುಳಿದ ವರ್ಗಗಳ ವಿದ್ಯಾರ್ಥಿಗಳಿಂದ ವಿದ್ಯಾರ್ಥಿ ವೇತನ ಹಾಗೂ ಶುಲ್ಕ ವಿನಾಯಿತಿಗಾಗಿ ಅರ್ಜಿ ಸಲ್ಲಿಸುವ ಅವಧಿಯನ್ನು ವಿಸ್ತರಿಸಲಾಗಿದೆ. ವಿದ್ಯಾರ್ಥಿಗಳು ರಾಜ್ಯ ವಿದ್ಯಾರ್ಥಿ ವೇತನ ತಂತ್ರಾಂಶದ ಮೂಲಕ ಆನ್‌ಲೈನ್‌ನಲ್ಲಿ ಅರ್ಜಿ ಸಲ್ಲಿಸಬಹುದು. ಅರ್ಹ ವಿದ್ಯಾರ್ಥಿಗಳು ಅಗತ್ಯ ದಾಖಲೆಗಳೊಂದಿಗೆ ನಿಗದಿತ ಅವಧಿಯೊಳಗೆ ಅರ್ಜಿ ಸಲ್ಲಿಸುವಂತೆ ಪ್ರಕಟಣೆ ತಿಳಿಸಿದೆ. ವಸತಿ ನಿಲಯಗಳ ಪ್ರವೇಶಕ್ಕೂ ಅರ್ಜಿ ಅವಧಿ ವಿಸ್ತರಿಸಲಾಗಿದ್ದು, ಆಸಕ್ತ ವಿದ್ಯಾರ್ಥಿಗಳು ಇದರ ಸದುಪಯೋಗ ಪಡೆದುಕೊಳ್ಳಬೇಕು. ಮಾಹಿತಿಗಾಗಿ ಸ.ಸಂ. 9850770068 ಸಂಪರ್ಕಿಸಲು ಕೋರಲಾಗಿದೆ.
SHRIDEVI
EDUCATION
ಶ್ರೀ ಶ್ರೀದೇವಿ ಚಾರಿಟಬಲ್ ಟ್ರಸ್ಟ್ (ರಿ.)
ಶ್ರೀದೇವಿ ಸಮೂಹ ಶಿಕ್ಷಣ ಸಂಸ್ಥೆಗಳು
ಸಿರಾ ರಸ್ತೆ, ತುಮಕೂರು – 572106. ಕರ್ನಾಟಕ.
ಆತ್ಮಕಥನ ಗ್ರಂಥದ ಲೋಕಾರ್ಪಣೆ
32
YEARS
Academic Excellence
ಕ್ರಿಯಾಶೀಲ, ಕಾಯಕಯೋಗಿ
ಡಾ. ಎಂ. ಆರ್. ಹುಲಿನಾಯ್ಕರ್
ಅವರ ಆತ್ಮಕಥನ “ಅಂತರಂಗದ ಅವಲೋಕನ” ಇದರ ಇಂಗ್ಲಿಷ್ ಅನುವಾದ ಕೃತಿ
Reminiscences and Reflections
(ಅನುವಾದ: ಶ್ರೀ ವಿ.ಕೃಷ್ಣ)
❧ ಆಹ್ವಾನ ☙
ದಿನಾಂಕ:
17.10.2025 ಶುಕ್ರವಾರ
ಸಮಯ:
ಮಧ್ಯಾಹ್ನ 2:15 ಗಂಟೆ
ಸ್ಥಳ:
ಶ್ರೀದೇವಿ ಶಿಕ್ಷಣ ಸಂಸ್ಥೆ ಆವರಣ,
ಸಿರಾ ರಸ್ತೆ, ತುಮಕೂರು
ಜ್ಯೋತಿ ಬೆಳಗಿಸಿ ಉದ್ಘಾಟನೆ
ಸನ್ಮಾನ್ಯ ಡಾ. ಜಿ. ಪರಮೇಶ್ವರ
ಗೃಹ ಸಚಿವರು, ಕರ್ನಾಟಕ ಸರ್ಕಾರ
ಮುಖ್ಯ ಅತಿಥಿಗಳು
ಸನ್ಮಾನ್ಯ ಶ್ರೀ ಡಾ. ಜಿ.ಟಿಮ್ಮೇಗೌಡ
ಮಾಜಿ ಉಪಕುಲಪತಿ ಮತ್ತು ಶಿಕ್ಷಣತಜ್ಞರು
ಶುಭಹಾರೈಕೆಗಳು
ಸನ್ಮಾನ್ಯ ಶ್ರೀ ಜಿ. ಎಸ್. ಬಸವರಾಜು
ಹಿರಿಯ ಮುಖಂಡರು ಮತ್ತು ಮಾಜಿ ಲೋಕಸಭಾ ಸದಸ್ಯರು
ಅಧ್ಯಕ್ಷತೆ
ಸನ್ಮಾನ್ಯ ಶ್ರೀ ಗೋವಿಂದ ಎಂ.ಕಾರಜೋಳ
ಮಾಜಿ ಸಚಿವರು ಮತ್ತು ಲೋಕಸಭಾ ಸದಸ್ಯರು
ಮೊದಲ ಪ್ರತಿ ಸ್ವೀಕಾರ
ಪದ್ಮಶ್ರೀ ಡಾ. ವಿಕಾಸ ಮಹಾತ್ಮೆ
ಮಾಜಿ ರಾಜ್ಯಸಭಾ ಸದಸ್ಯರು ಮತ್ತು ಅಧ್ಯಕ್ಷರು, AIIMS, ನಾಗಪುರ
ಕೃತಿ ಪರಿಚಯ
ಡಾ. ಸಿ. ನಾಗಣ್ಣ
ಮೈಸೂರು ವಿ.ವಿ. ವಿಶ್ರಾಂತ ಇಂಗ್ಲಿಷ್ ಪ್ರಾಧ್ಯಾಪಕರು
ಗ್ರಂಥ ಲೋಕಾರ್ಪಣೆ
ಸನ್ಮಾನ್ಯ ಶ್ರೀ ಎಚ್. ಕೆ. ಪಾಟೀಲ್
ಕಾನೂನು ಹಾಗೂ ಪ್ರವಾಸೋದ್ಯಮ ಸಚಿವರು, ಕರ್ನಾಟಕ ಸರ್ಕಾರ
ಅನುವಾದಕರಾದ ಶ್ರೀ ವಿ. ಕೃಷ್ಣ ಅವರಿಗೆ ಸನ್ಮಾನ
ಸನ್ಮಾನ್ಯ ಶ್ರೀ ಎಫ್. ಎಚ್. ಜಕ್ಕಪ್ಪನವರ
ಕರ್ನಾಟಕ ವಿಧಾನಪರಿಷತ್ ಸದಸ್ಯರು
ಉಪಸ್ಥಿತಿ
ಡಾ. ಎಂ. ಆರ್. ಹುಲಿನಾಯ್ಕರ್
ಶ್ರೀಮತಿ ಶಾಂತಾದುರ್ಗಾದೇವಿ ಹುಲಿನಾಯ್ಕರ್
ಸರ್ವರಿಗೂ ಆದರದ ಸ್ವಾಗತ	ಶ್ರೀದೇವಿ ಸಮೂಹ ಶಿಕ್ಷಣ ಸಂಸ್ಥೆಯ ಆಡಳಿತ ಮಂಡಳಿ, ಪ್ರಾಂಶುಪಾಲರು, ಬೋಧಕ–ಬೋಧಕೇತರ ಸಿಬ್ಬಂದಿವರ್ಗ ಮತ್ತು ಸಮಸ್ತ ವಿದ್ಯಾರ್ಥಿ ವೃಂದ
